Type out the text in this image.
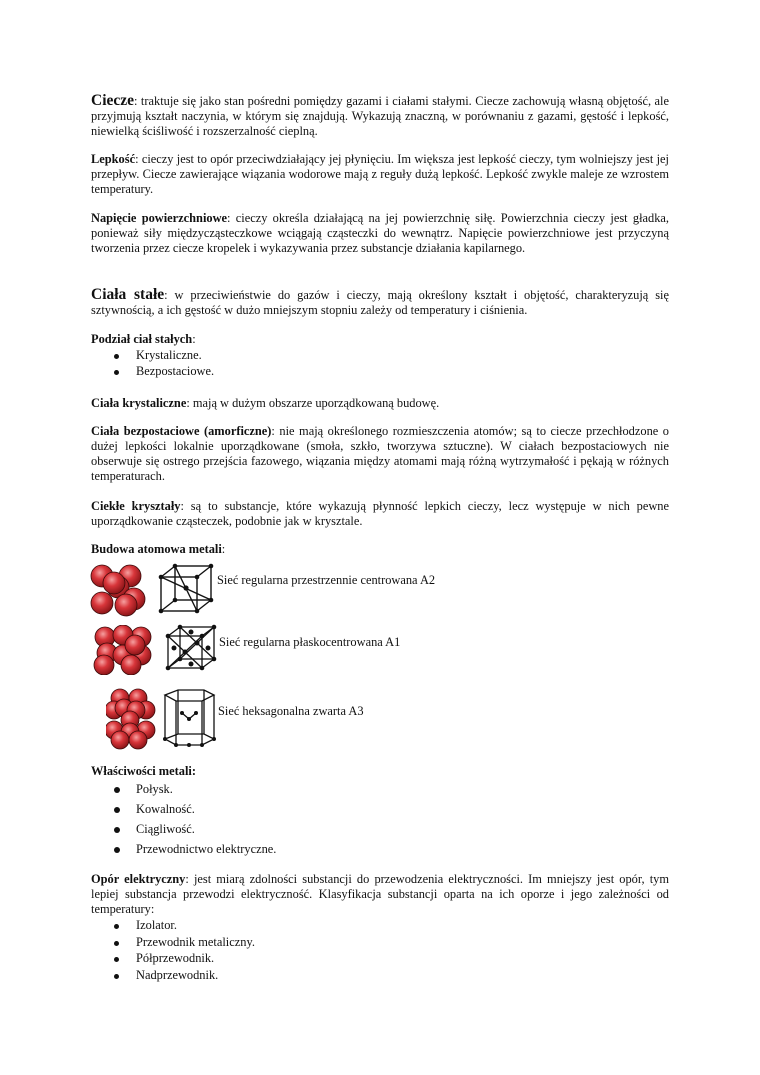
Ciecze: traktuje się jako stan pośredni pomiędzy gazami i ciałami stałymi. Ciecze zachowują własną objętość, ale przyjmują kształt naczynia, w którym się znajdują. Wykazują znaczną, w porównaniu z gazami, gęstość i lepkość, niewielką ściśliwość i rozszerzalność cieplną.
Lepkość: cieczy jest to opór przeciwdziałający jej płynięciu. Im większa jest lepkość cieczy, tym wolniejszy jest jej przepływ. Ciecze zawierające wiązania wodorowe mają z reguły dużą lepkość. Lepkość zwykle maleje ze wzrostem temperatury.
Napięcie powierzchniowe: cieczy określa działającą na jej powierzchnię siłę. Powierzchnia cieczy jest gładka, ponieważ siły międzycząsteczkowe wciągają cząsteczki do wewnątrz. Napięcie powierzchniowe jest przyczyną tworzenia przez ciecze kropelek i wykazywania przez substancje działania kapilarnego.
Ciała stałe: w przeciwieństwie do gazów i cieczy, mają określony kształt i objętość, charakteryzują się sztywnością, a ich gęstość w dużo mniejszym stopniu zależy od temperatury i ciśnienia.
Podział ciał stałych:
Krystaliczne.
Bezpostaciowe.
Ciała krystaliczne: mają w dużym obszarze uporządkowaną budowę.
Ciała bezpostaciowe (amorficzne): nie mają określonego rozmieszczenia atomów; są to ciecze przechłodzone o dużej lepkości lokalnie uporządkowane (smoła, szkło, tworzywa sztuczne). W ciałach bezpostaciowych nie obserwuje się ostrego przejścia fazowego, wiązania między atomami mają różną wytrzymałość i pękają w różnych temperaturach.
Ciekłe kryształy: są to substancje, które wykazują płynność lepkich cieczy, lecz występuje w nich pewne uporządkowanie cząsteczek, podobnie jak w krysztale.
Budowa atomowa metali:
Sieć regularna przestrzennie centrowana A2
Sieć regularna płaskocentrowana A1
Sieć heksagonalna zwarta A3
Właściwości metali:
Połysk.
Kowalność.
Ciągliwość.
Przewodnictwo elektryczne.
Opór elektryczny: jest miarą zdolności substancji do przewodzenia elektryczności. Im mniejszy jest opór, tym lepiej substancja przewodzi elektryczność. Klasyfikacja substancji oparta na ich oporze i jego zależności od temperatury:
Izolator.
Przewodnik metaliczny.
Półprzewodnik.
Nadprzewodnik.
